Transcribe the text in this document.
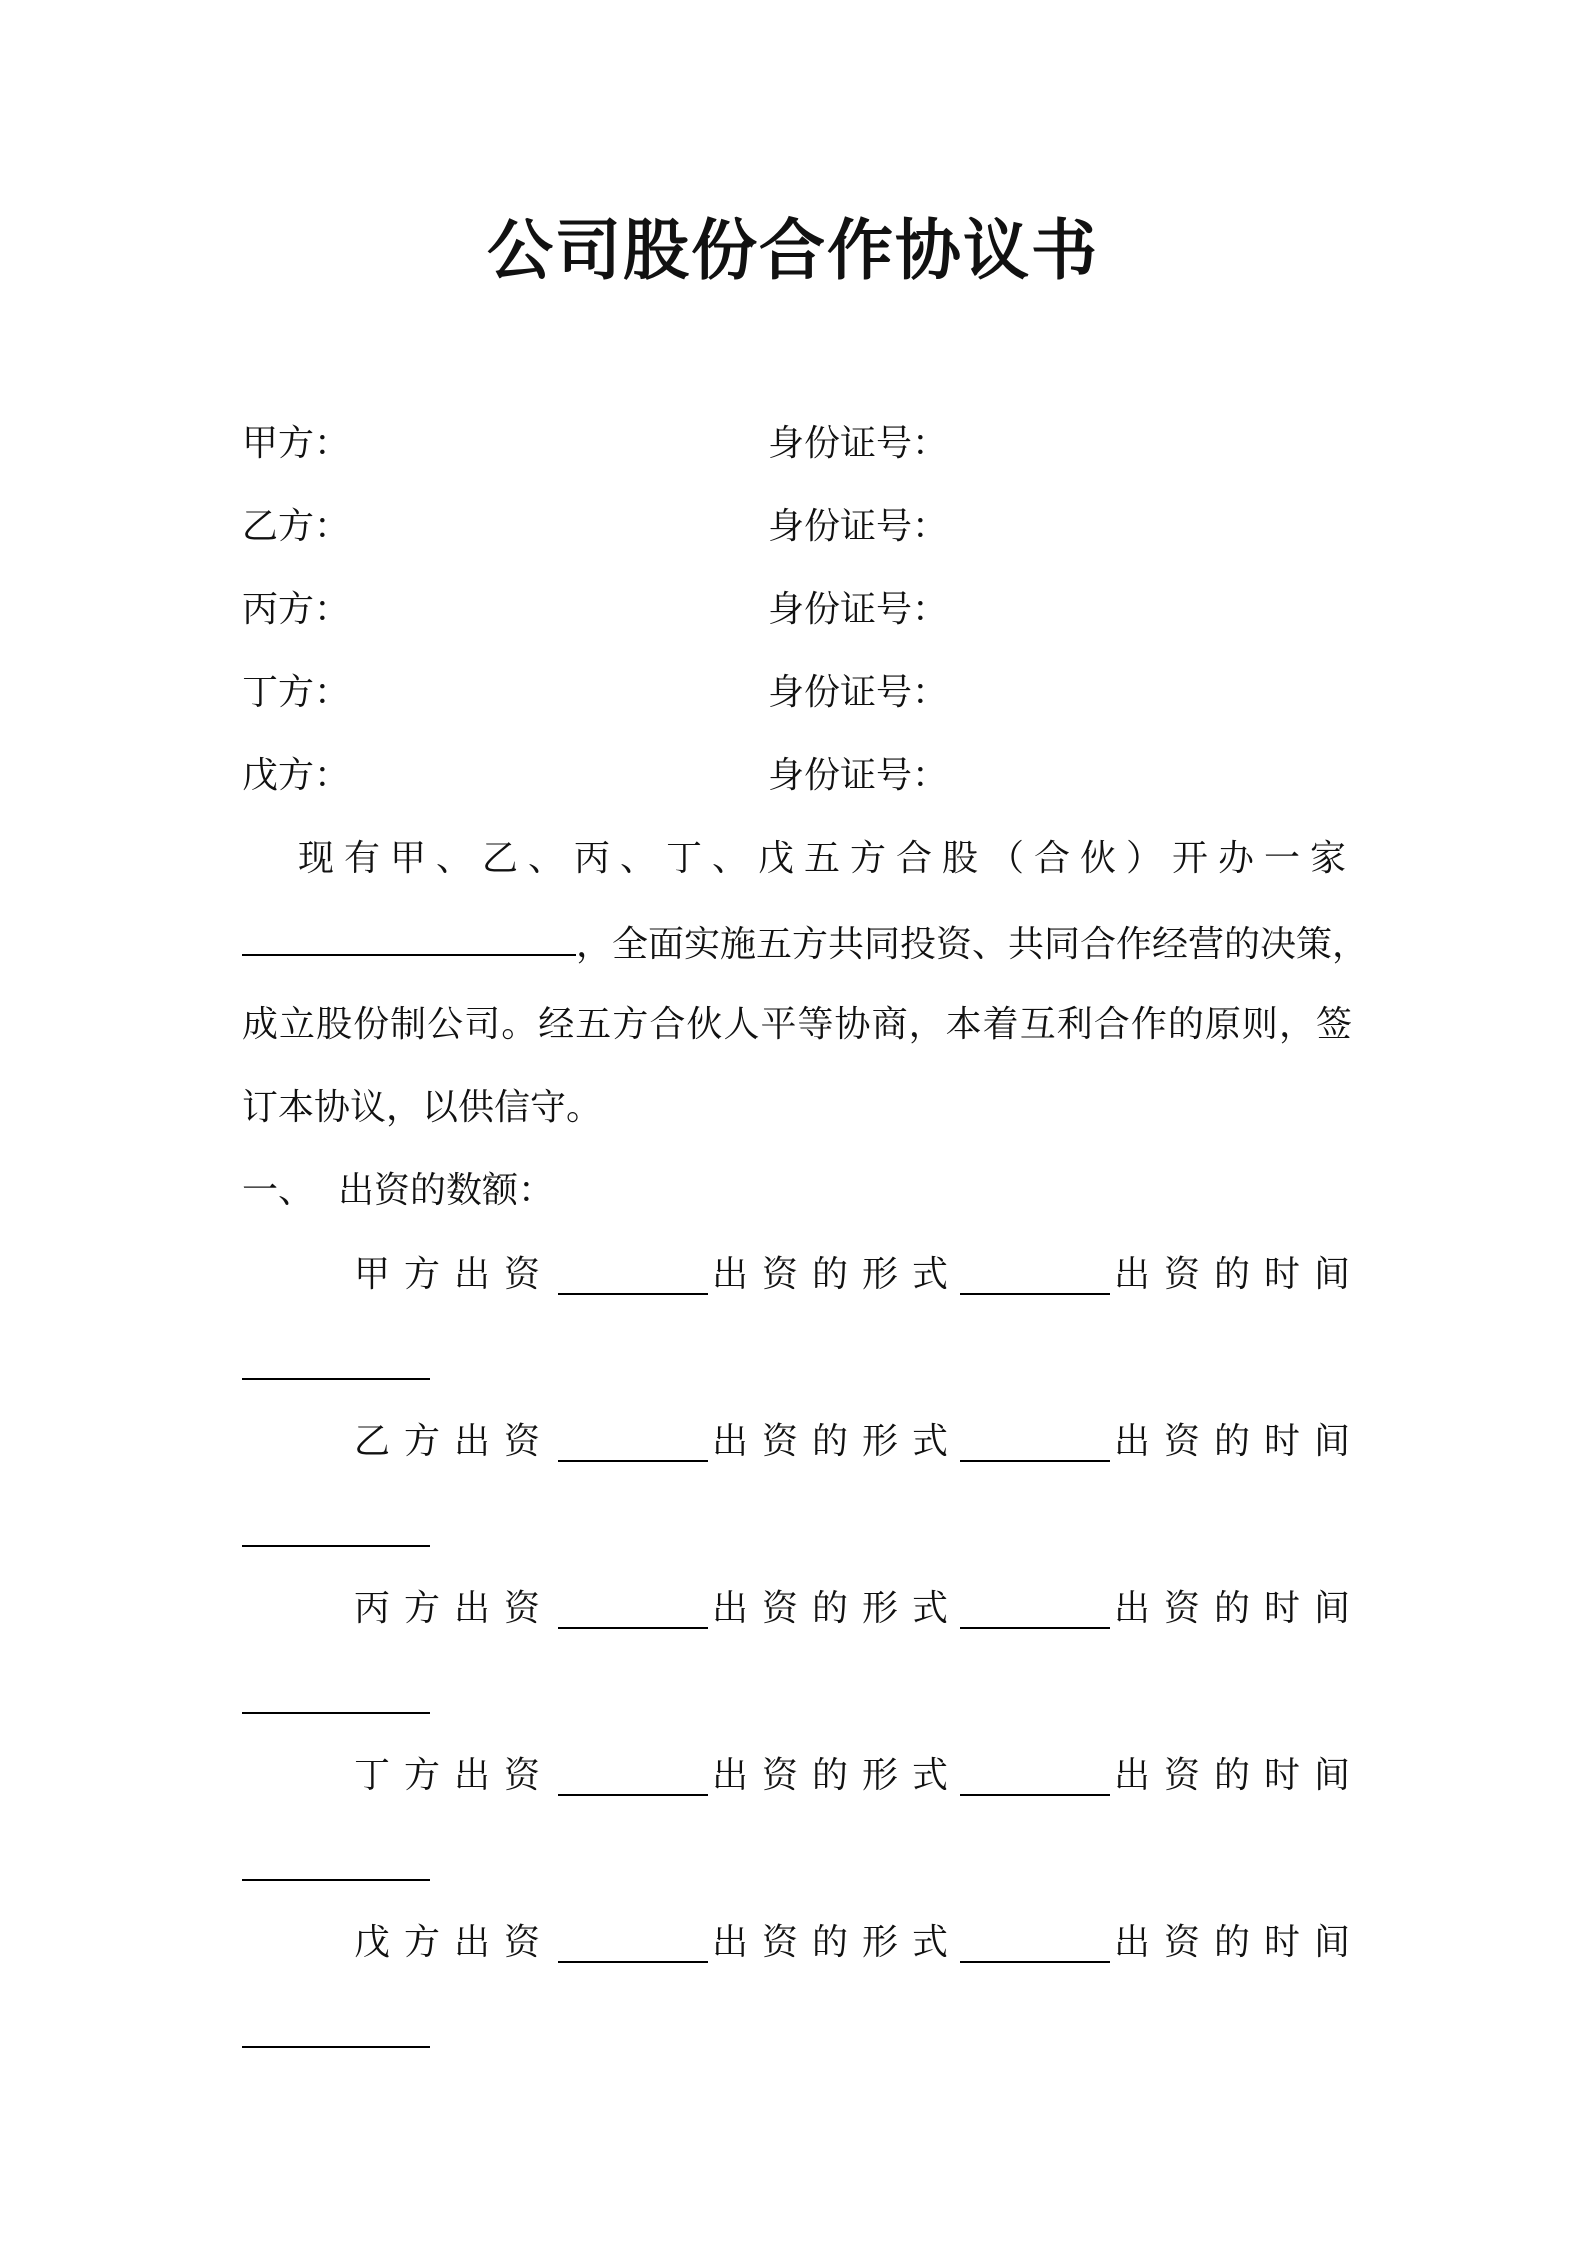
公司股份合作协议书
甲方：	身份证号：
乙方：	身份证号：
丙方：	身份证号：
丁方：	身份证号：
戊方：	身份证号：
现有甲、乙、丙、丁、戊五方合股（合伙）开办一家
，全面实施五方共同投资、共同合作经营的决策，
成立股份制公司。经五方合伙人平等协商，本着互利合作的原则，签
订本协议，以供信守。
一、 出资的数额：
甲方出资	出资的形式	出资的时间
乙方出资	出资的形式	出资的时间
丙方出资	出资的形式	出资的时间
丁方出资	出资的形式	出资的时间
戊方出资	出资的形式	出资的时间
